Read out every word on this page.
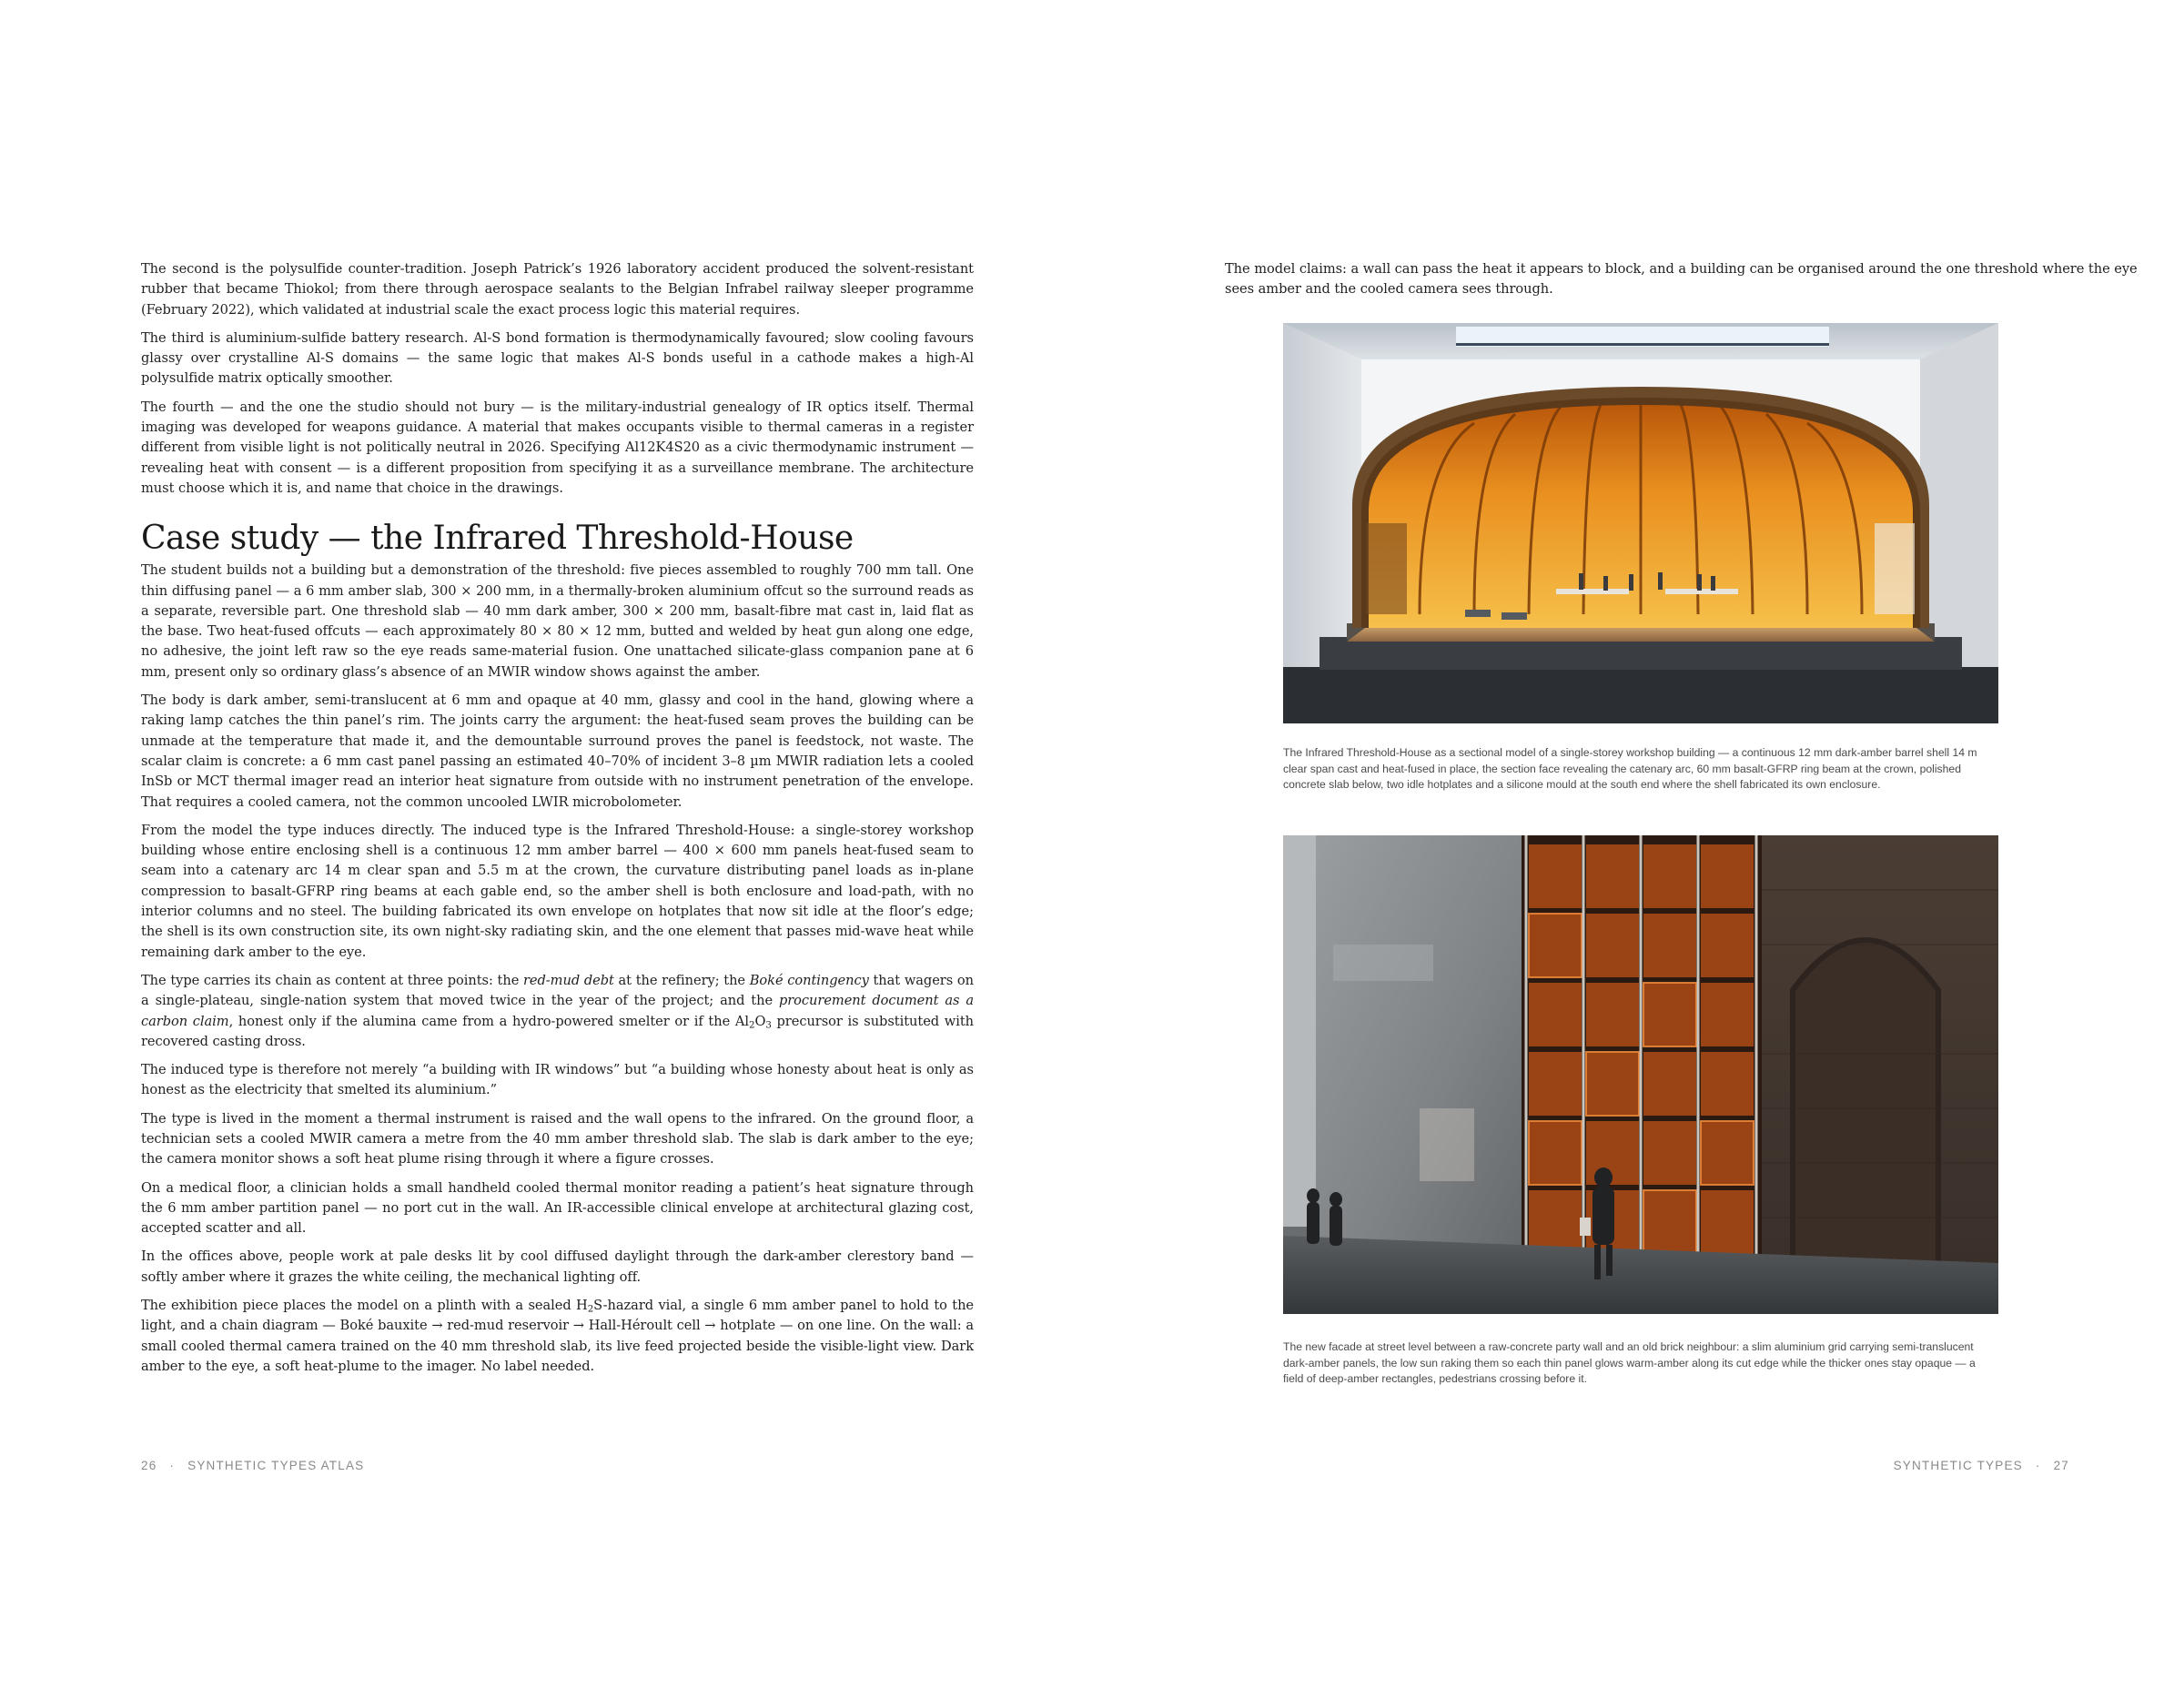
The second is the polysulfide counter-tradition. Joseph Patrick’s 1926 laboratory accident produced the solvent-resistant rubber that became Thiokol; from there through aerospace sealants to the Belgian Infrabel railway sleeper programme (February 2022), which validated at industrial scale the exact process logic this material requires.

The third is aluminium-sulfide battery research. Al-S bond formation is thermodynamically favoured; slow cooling favours glassy over crystalline Al-S domains — the same logic that makes Al-S bonds useful in a cathode makes a high-Al polysulfide matrix optically smoother.

The fourth — and the one the studio should not bury — is the military-industrial genealogy of IR optics itself. Thermal imaging was developed for weapons guidance. A material that makes occupants visible to thermal cameras in a register different from visible light is not politically neutral in 2026. Specifying Al12K4S20 as a civic thermodynamic instrument — revealing heat with consent — is a different proposition from specifying it as a surveillance membrane. The architecture must choose which it is, and name that choice in the drawings.

Case study — the Infrared Threshold-House

The student builds not a building but a demonstration of the threshold: five pieces assembled to roughly 700 mm tall. One thin diffusing panel — a 6 mm amber slab, 300 × 200 mm, in a thermally-broken aluminium offcut so the surround reads as a separate, reversible part. One threshold slab — 40 mm dark amber, 300 × 200 mm, basalt-fibre mat cast in, laid flat as the base. Two heat-fused offcuts — each approximately 80 × 80 × 12 mm, butted and welded by heat gun along one edge, no adhesive, the joint left raw so the eye reads same-material fusion. One unattached silicate-glass companion pane at 6 mm, present only so ordinary glass’s absence of an MWIR window shows against the amber.

The body is dark amber, semi-translucent at 6 mm and opaque at 40 mm, glassy and cool in the hand, glowing where a raking lamp catches the thin panel’s rim. The joints carry the argument: the heat-fused seam proves the building can be unmade at the temperature that made it, and the demountable surround proves the panel is feedstock, not waste. The scalar claim is concrete: a 6 mm cast panel passing an estimated 40–70% of incident 3–8 µm MWIR radiation lets a cooled InSb or MCT thermal imager read an interior heat signature from outside with no instrument penetration of the envelope. That requires a cooled camera, not the common uncooled LWIR microbolometer.

From the model the type induces directly. The induced type is the Infrared Threshold-House: a single-storey workshop building whose entire enclosing shell is a continuous 12 mm amber barrel — 400 × 600 mm panels heat-fused seam to seam into a catenary arc 14 m clear span and 5.5 m at the crown, the curvature distributing panel loads as in-plane compression to basalt-GFRP ring beams at each gable end, so the amber shell is both enclosure and load-path, with no interior columns and no steel. The building fabricated its own envelope on hotplates that now sit idle at the floor’s edge; the shell is its own construction site, its own night-sky radiating skin, and the one element that passes mid-wave heat while remaining dark amber to the eye.

The type carries its chain as content at three points: the red-mud debt at the refinery; the Boké contingency that wagers on a single-plateau, single-nation system that moved twice in the year of the project; and the procurement document as a carbon claim, honest only if the alumina came from a hydro-powered smelter or if the $Al_2O_3$ precursor is substituted with recovered casting dross.

The induced type is therefore not merely “a building with IR windows” but “a building whose honesty about heat is only as honest as the electricity that smelted its aluminium.”

The type is lived in the moment a thermal instrument is raised and the wall opens to the infrared. On the ground floor, a technician sets a cooled MWIR camera a metre from the 40 mm amber threshold slab. The slab is dark amber to the eye; the camera monitor shows a soft heat plume rising through it where a figure crosses.

On a medical floor, a clinician holds a small handheld cooled thermal monitor reading a patient’s heat signature through the 6 mm amber partition panel — no port cut in the wall. An IR-accessible clinical envelope at architectural glazing cost, accepted scatter and all.

In the offices above, people work at pale desks lit by cool diffused daylight through the dark-amber clerestory band — softly amber where it grazes the white ceiling, the mechanical lighting off.

The exhibition piece places the model on a plinth with a sealed $H_2S$-hazard vial, a single 6 mm amber panel to hold to the light, and a chain diagram — Boké bauxite → red-mud reservoir → Hall-Héroult cell → hotplate — on one line. On the wall: a small cooled thermal camera trained on the 40 mm threshold slab, its live feed projected beside the visible-light view. Dark amber to the eye, a soft heat-plume to the imager. No label needed.

26 · SYNTHETIC TYPES ATLAS

The model claims: a wall can pass the heat it appears to block, and a building can be organised around the one threshold where the eye sees amber and the cooled camera sees through.

The Infrared Threshold-House as a sectional model of a single-storey workshop building — a continuous 12 mm dark-amber barrel shell 14 m clear span cast and heat-fused in place, the section face revealing the catenary arc, 60 mm basalt-GFRP ring beam at the crown, polished concrete slab below, two idle hotplates and a silicone mould at the south end where the shell fabricated its own enclosure.
The new facade at street level between a raw-concrete party wall and an old brick neighbour: a slim aluminium grid carrying semi-translucent dark-amber panels, the low sun raking them so each thin panel glows warm-amber along its cut edge while the thicker ones stay opaque — a field of deep-amber rectangles, pedestrians crossing before it.
SYNTHETIC TYPES · 27
